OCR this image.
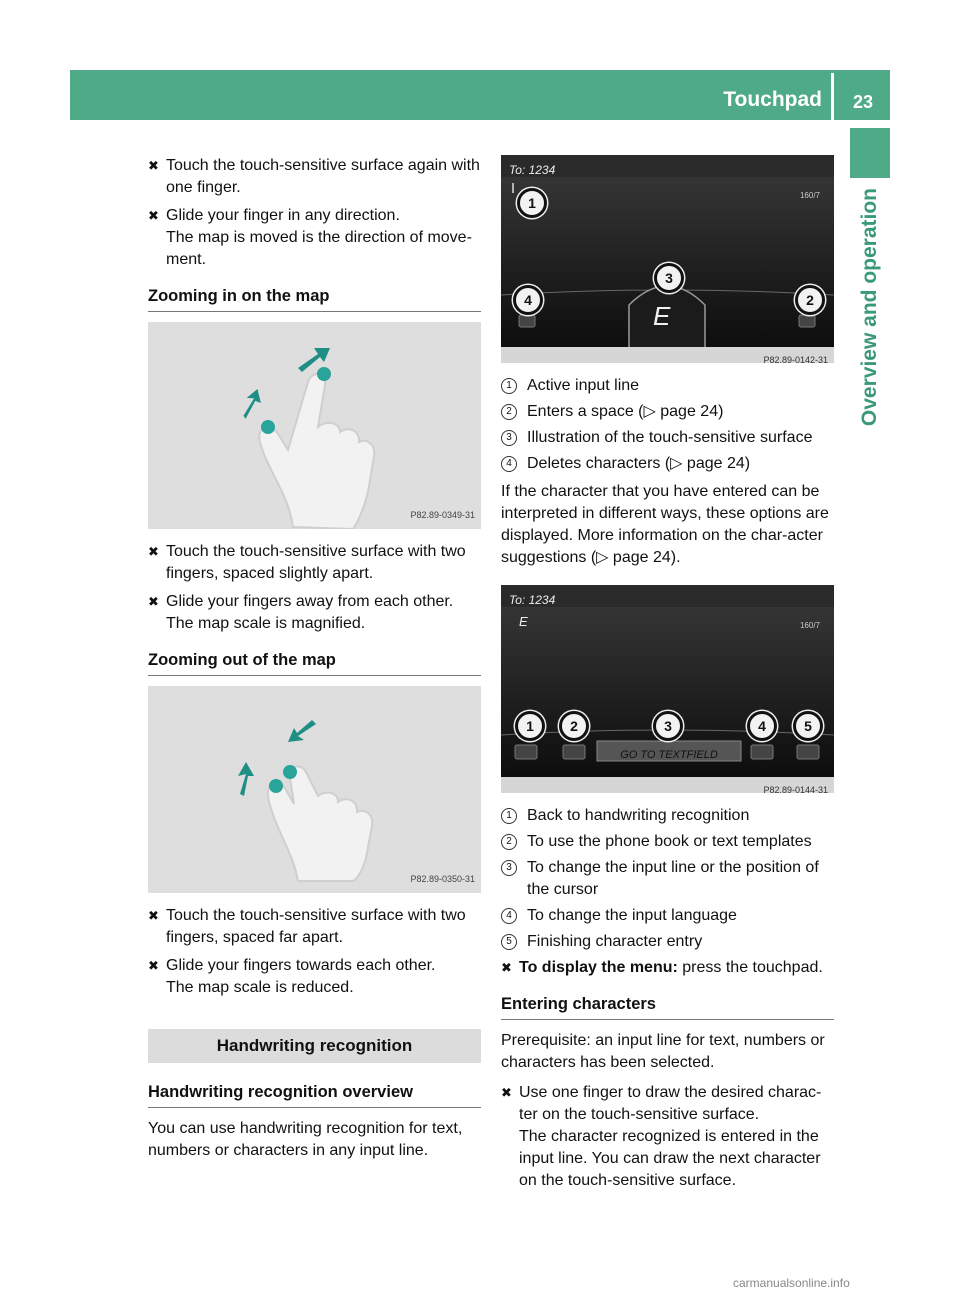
Touchpad	23
Overview and operation
✖ Touch the touch-sensitive surface again with one finger.
✖ Glide your finger in any direction.
The map is moved is the direction of move-ment.
Zooming in on the map
P82.89-0349-31
✖ Touch the touch-sensitive surface with two fingers, spaced slightly apart.
✖ Glide your fingers away from each other.
The map scale is magnified.
Zooming out of the map
P82.89-0350-31
✖ Touch the touch-sensitive surface with two fingers, spaced far apart.
✖ Glide your fingers towards each other.
The map scale is reduced.
Handwriting recognition
Handwriting recognition overview
You can use handwriting recognition for text, numbers or characters in any input line.
To: 1234
160/7
E
1
3
4	2
P82.89-0142-31
1 Active input line
2 Enters a space (▷ page 24)
3 Illustration of the touch-sensitive surface
4 Deletes characters (▷ page 24)
If the character that you have entered can be interpreted in different ways, these options are displayed. More information on the char-acter suggestions (▷ page 24).
To: 1234
E	160/7
GO TO TEXTFIELD
1	2	3	4	5
P82.89-0144-31
1 Back to handwriting recognition
2 To use the phone book or text templates
3 To change the input line or the position of the cursor
4 To change the input language
5 Finishing character entry
✖ To display the menu: press the touchpad.
Entering characters
Prerequisite: an input line for text, numbers or characters has been selected.
✖ Use one finger to draw the desired charac-ter on the touch-sensitive surface.
The character recognized is entered in the input line. You can draw the next character on the touch-sensitive surface.
carmanualsonline.info
